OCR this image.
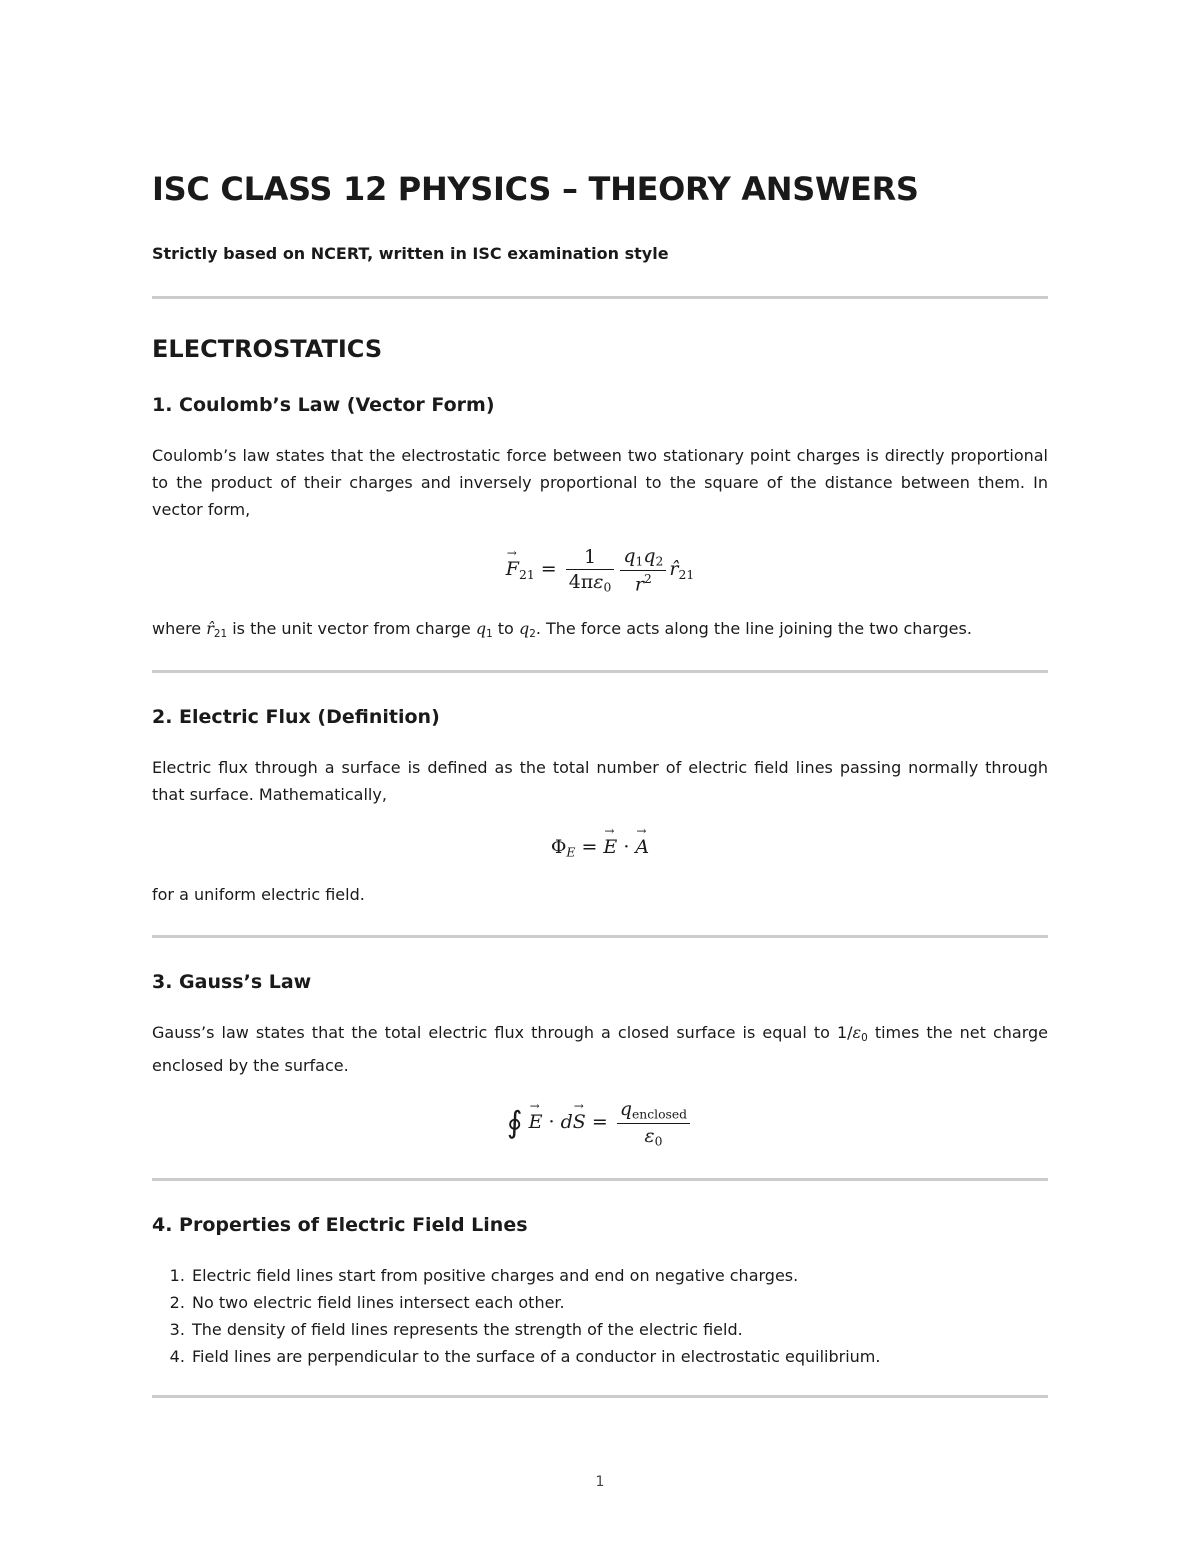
ISC CLASS 12 PHYSICS – THEORY ANSWERS

Strictly based on NCERT, written in ISC examination style

ELECTROSTATICS
1. Coulomb’s Law (Vector Form)

Coulomb’s law states that the electrostatic force between two stationary point charges is directly proportional to the product of their charges and inversely proportional to the square of the distance between them. In vector form,

$F \to_{21} = \frac{1}{4\pi\varepsilon_0} \frac{q_1q_2}{r^2}$ $r̂_{21}$

where $r̂_{21}$ is the unit vector from charge $q_1$ to $q_2$. The force acts along the line joining the two charges.

2. Electric Flux (Definition)

Electric flux through a surface is defined as the total number of electric field lines passing normally through that surface. Mathematically,

$\Phi_E = E$ → · A →

for a uniform electric field.

3. Gauss’s Law

Gauss’s law states that the total electric flux through a closed surface is equal to $1/\varepsilon_0$ times the net charge enclosed by the surface.

∮ E → · dS → = $\frac{q_{enclosed}}{\varepsilon_0}$
4. Properties of Electric Field Lines
1. Electric field lines start from positive charges and end on negative charges.
2. No two electric field lines intersect each other.
3. The density of field lines represents the strength of the electric field.
4. Field lines are perpendicular to the surface of a conductor in electrostatic equilibrium.
1
